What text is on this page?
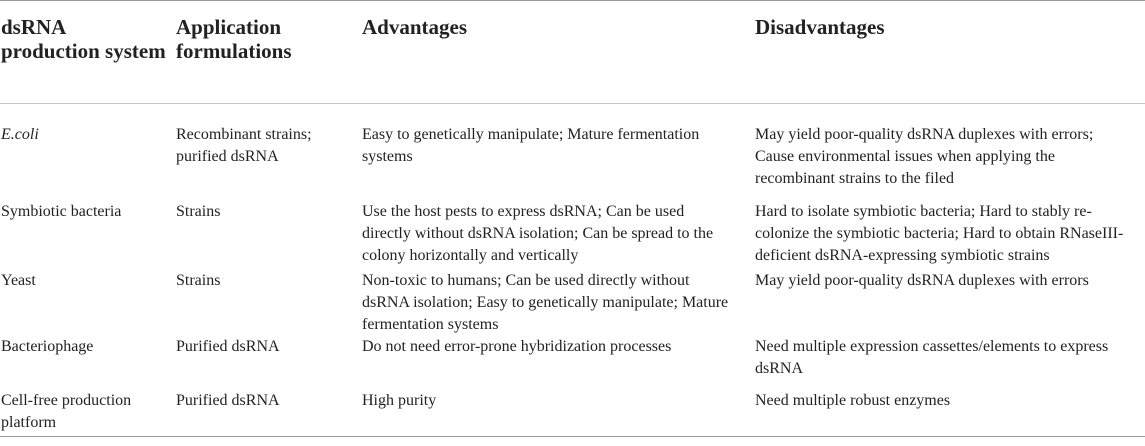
dsRNA production system	Application formulations	Advantages	Disadvantages

E.coli	Recombinant strains; purified dsRNA	Easy to genetically manipulate; Mature fermentation systems	May yield poor-quality dsRNA duplexes with errors; Cause environmental issues when applying the recombinant strains to the filed

Symbiotic bacteria	Strains	Use the host pests to express dsRNA; Can be used directly without dsRNA isolation; Can be spread to the colony horizontally and vertically	Hard to isolate symbiotic bacteria; Hard to stably re-colonize the symbiotic bacteria; Hard to obtain RNaseIII-deficient dsRNA-expressing symbiotic strains

Yeast	Strains	Non-toxic to humans; Can be used directly without dsRNA isolation; Easy to genetically manipulate; Mature fermentation systems	May yield poor-quality dsRNA duplexes with errors

Bacteriophage	Purified dsRNA	Do not need error-prone hybridization processes	Need multiple expression cassettes/elements to express dsRNA

Cell-free production platform	Purified dsRNA	High purity	Need multiple robust enzymes
